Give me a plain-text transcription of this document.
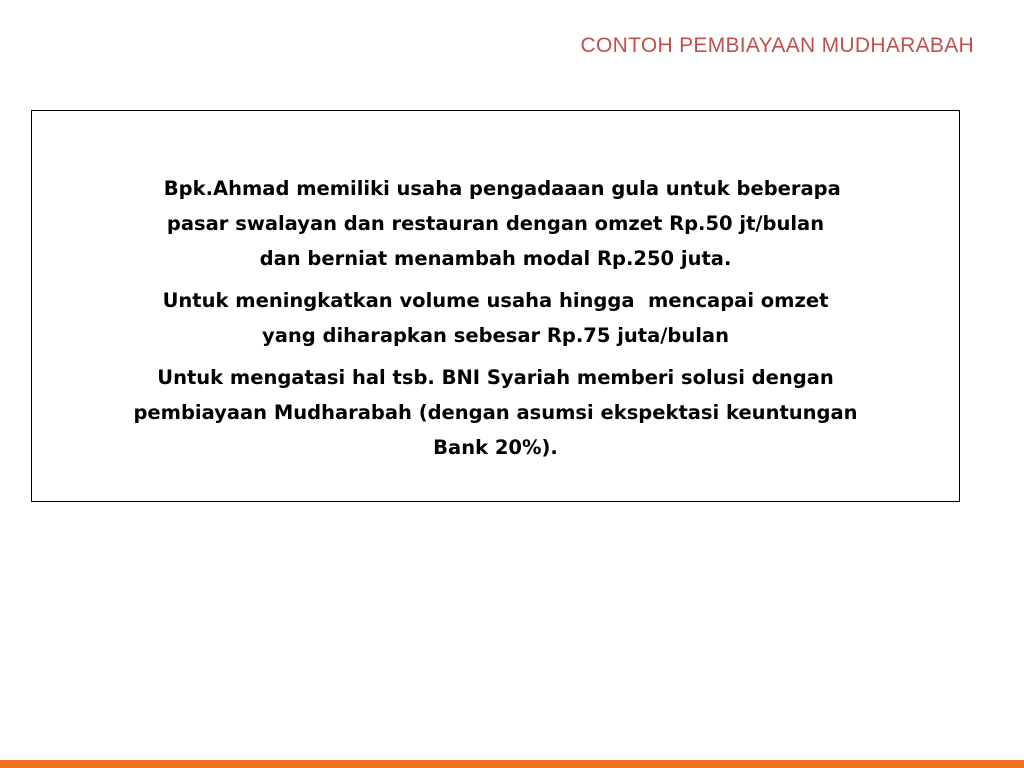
CONTOH PEMBIAYAAN MUDHARABAH
Bpk.Ahmad memiliki usaha pengadaaan gula untuk beberapa
pasar swalayan dan restauran dengan omzet Rp.50 jt/bulan
dan berniat menambah modal Rp.250 juta.
Untuk meningkatkan volume usaha hingga  mencapai omzet
yang diharapkan sebesar Rp.75 juta/bulan
Untuk mengatasi hal tsb. BNI Syariah memberi solusi dengan
pembiayaan Mudharabah (dengan asumsi ekspektasi keuntungan
Bank 20%).
